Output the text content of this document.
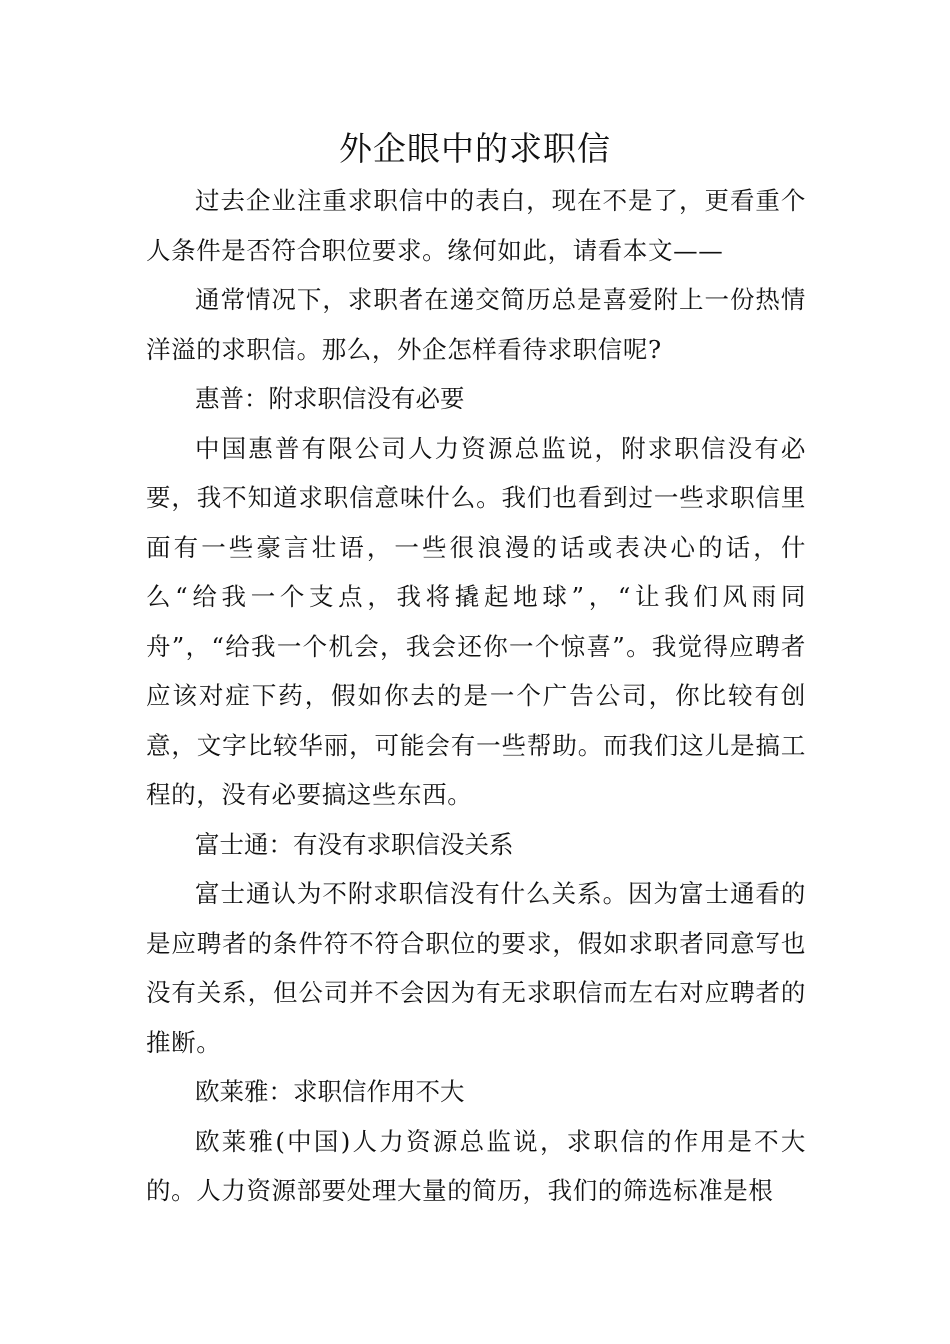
外企眼中的求职信

过去企业注重求职信中的表白，现在不是了，更看重个人条件是否符合职位要求。缘何如此，请看本文——

通常情况下，求职者在递交简历总是喜爱附上一份热情洋溢的求职信。那么，外企怎样看待求职信呢?

惠普：附求职信没有必要

中国惠普有限公司人力资源总监说，附求职信没有必要，我不知道求职信意味什么。我们也看到过一些求职信里面有一些豪言壮语，一些很浪漫的话或表决心的话，什么“给我一个支点，我将撬起地球”，“让我们风雨同舟”，“给我一个机会，我会还你一个惊喜”。我觉得应聘者应该对症下药，假如你去的是一个广告公司，你比较有创意，文字比较华丽，可能会有一些帮助。而我们这儿是搞工程的，没有必要搞这些东西。

富士通：有没有求职信没关系

富士通认为不附求职信没有什么关系。因为富士通看的是应聘者的条件符不符合职位的要求，假如求职者同意写也没有关系，但公司并不会因为有无求职信而左右对应聘者的推断。

欧莱雅：求职信作用不大

欧莱雅(中国)人力资源总监说，求职信的作用是不大的。人力资源部要处理大量的简历，我们的筛选标准是根
